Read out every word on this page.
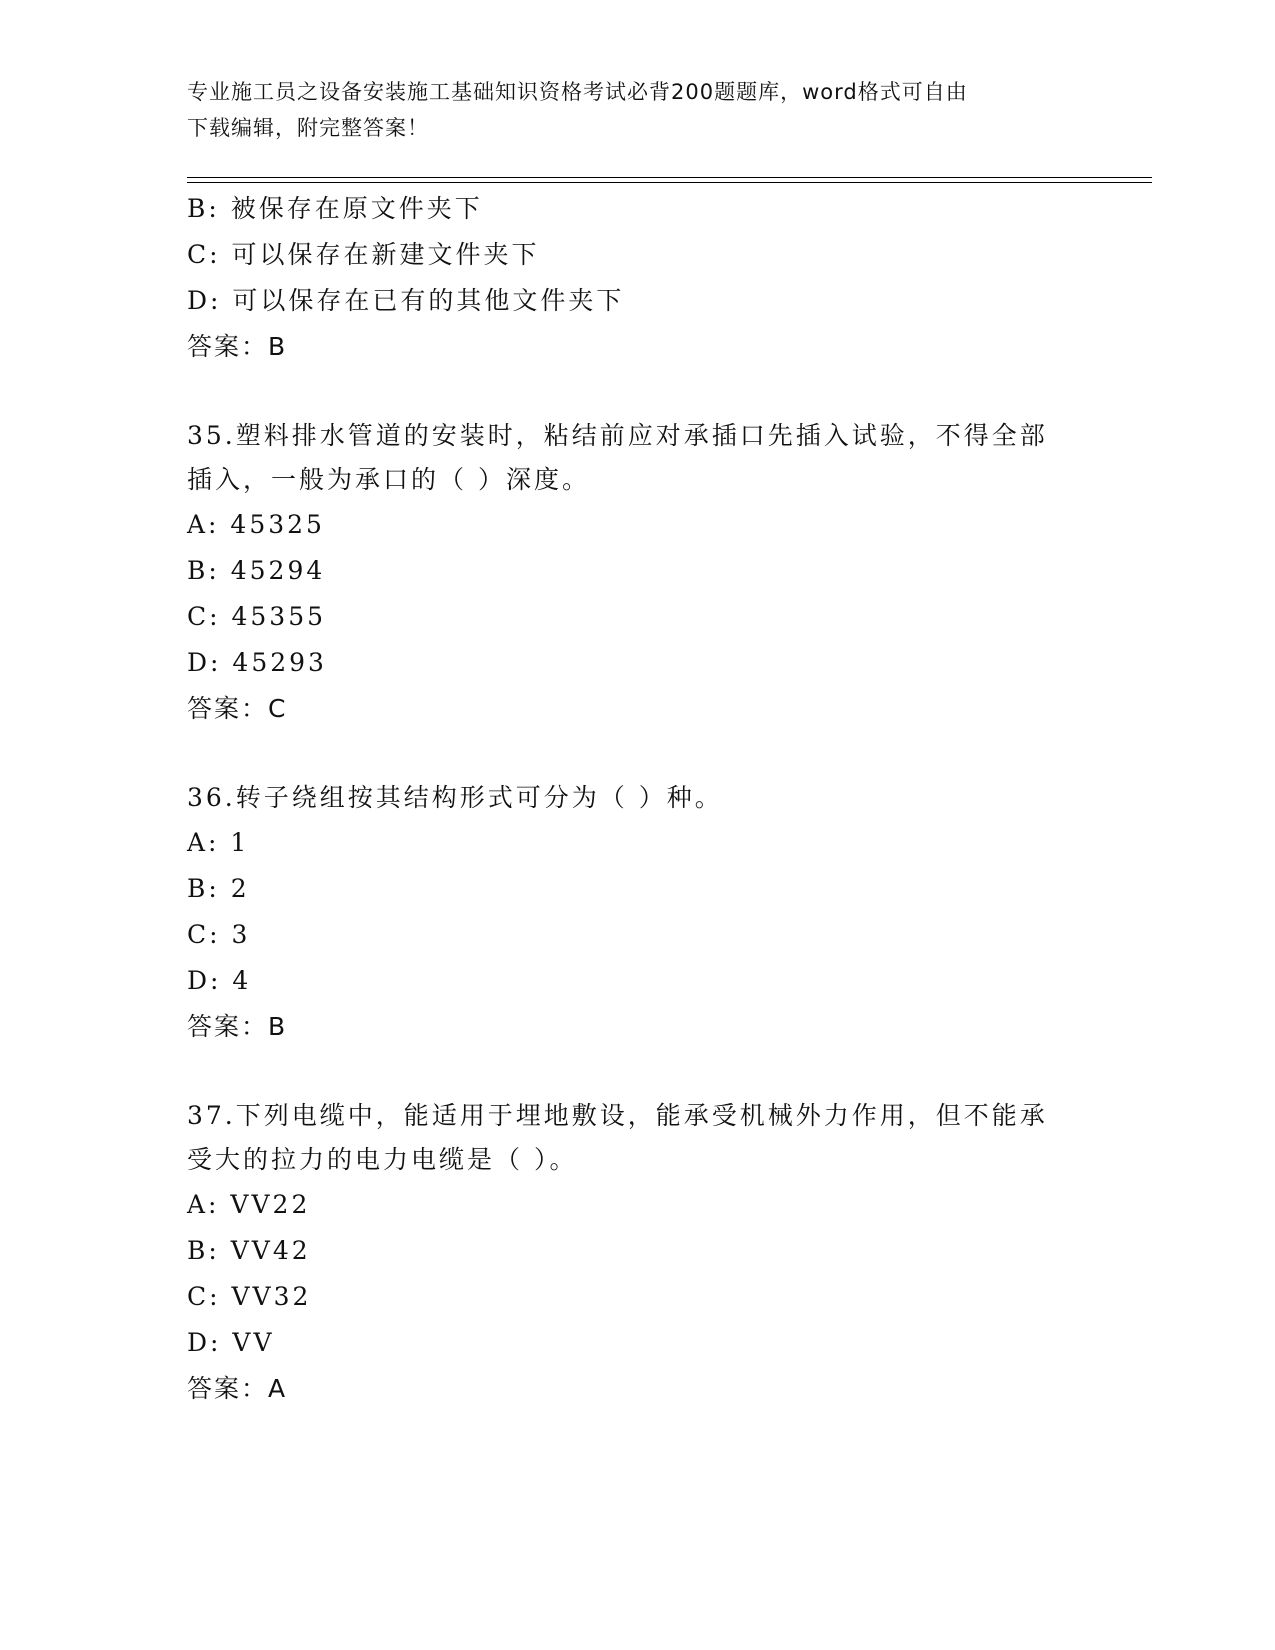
专业施工员之设备安装施工基础知识资格考试必背200题题库，word格式可自由
下载编辑，附完整答案！
B: 被保存在原文件夹下
C: 可以保存在新建文件夹下
D: 可以保存在已有的其他文件夹下
答案：B
35.塑料排水管道的安装时，粘结前应对承插口先插入试验，不得全部
插入，一般为承口的（ ）深度。
A: 45325
B: 45294
C: 45355
D: 45293
答案：C
36.转子绕组按其结构形式可分为（ ）种。
A: 1
B: 2
C: 3
D: 4
答案：B
37.下列电缆中，能适用于埋地敷设，能承受机械外力作用，但不能承
受大的拉力的电力电缆是（ ）。
A: VV22
B: VV42
C: VV32
D: VV
答案：A
